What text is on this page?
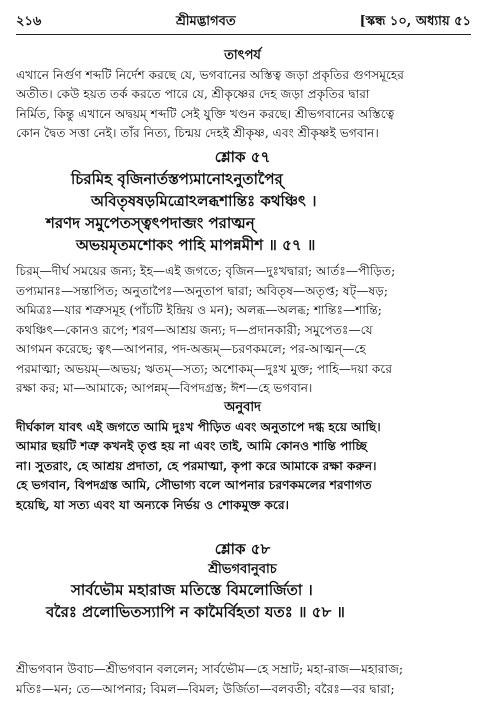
২১৬	শ্রীমদ্ভাগবত	[স্কন্ধ ১০, অধ্যায় ৫১
তাৎপর্য
এখানে নির্গুণ শব্দটি নির্দেশ করছে যে, ভগবানের অস্তিত্ব জড়া প্রকৃতির গুণসমূহের
অতীত। কেউ হয়ত তর্ক করতে পারে যে, শ্রীকৃষ্ণের দেহ জড়া প্রকৃতির দ্বারা
নির্মিত, কিন্তু এখানে অদ্বয়ম্ শব্দটি সেই যুক্তি খণ্ডন করছে। শ্রীভগবানের অস্তিত্বে
কোন দ্বৈত সত্তা নেই। তাঁর নিত্য, চিন্ময় দেহই শ্রীকৃষ্ণ, এবং শ্রীকৃষ্ণই ভগবান।
শ্লোক ৫৭
চিরমিহ বৃজিনার্তস্তপ্যমানোঽনুতাপৈর্
অবিতৃষষড়মিত্রোঽলব্ধশান্তিঃ কথঞ্চিৎ ।
শরণদ সমুপেতস্ত্বৎপদাব্জং পরাত্মন্
অভয়মৃতমশোকং পাহি মাপন্নমীশ ॥ ৫৭ ॥
চিরম্—দীর্ঘ সময়ের জন্য; ইহ—এই জগতে; বৃজিন—দুঃখদ্বারা; আর্তঃ—পীড়িত;
তপ্যমানঃ—সন্তাপিত; অনুতাপৈঃ—অনুতাপ দ্বারা; অবিতৃষ—অতৃপ্ত; ষট্—ষড়;
অমিত্রঃ—যার শত্রুসমূহ (পাঁচটি ইন্দ্রিয় ও মন); অলব্ধ—অলব্ধ; শান্তিঃ—শান্তি;
কথঞ্চিৎ—কোনও রূপে; শরণ—আশ্রয় জন্য; দ—প্রদানকারী; সমুপেতঃ—যে
আগমন করেছে; ত্বৎ—আপনার, পদ-অব্জম্—চরণকমলে; পর-আত্মন্—হে
পরমাত্মা; অভয়ম্—অভয়; ঋতম্—সত্য; অশোকম্—দুঃখ মুক্ত; পাহি—দয়া করে
রক্ষা কর; মা—আমাকে; আপন্নম্—বিপদগ্রস্ত; ঈশ—হে ভগবান।
অনুবাদ
দীর্ঘকাল যাবৎ এই জগতে আমি দুঃখ পীড়িত এবং অনুতাপে দগ্ধ হয়ে আছি।
আমার ছয়টি শত্রু কখনই তৃপ্ত হয় না এবং তাই, আমি কোনও শান্তি পাচ্ছি
না। সুতরাং, হে আশ্রয় প্রদাতা, হে পরমাত্মা, কৃপা করে আমাকে রক্ষা করুন।
হে ভগবান, বিপদগ্রস্ত আমি, সৌভাগ্য বলে আপনার চরণকমলের শরণাগত
হয়েছি, যা সত্য এবং যা অন্যকে নির্ভয় ও শোকমুক্ত করে।
শ্লোক ৫৮
শ্রীভগবানুবাচ
সার্বভৌম মহারাজ মতিস্তে বিমলোর্জিতা ।
বরৈঃ প্রলোভিতস্যাপি ন কামৈর্বিহতা যতঃ ॥ ৫৮ ॥
শ্রীভগবান উবাচ—শ্রীভগবান বললেন; সার্বভৌম—হে সম্রাট; মহা-রাজ—মহারাজ;
মতিঃ—মন; তে—আপনার; বিমল—বিমল; উর্জিতা—বলবতী; বরৈঃ—বর দ্বারা;
